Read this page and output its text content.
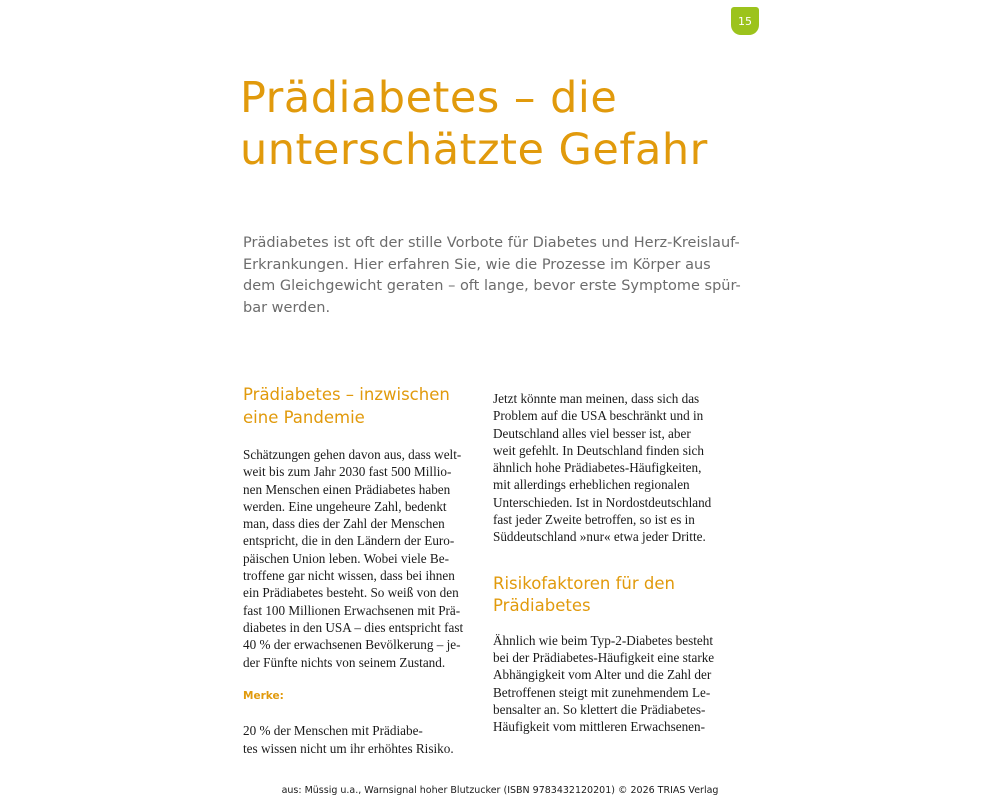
15
Prädiabetes – die
unterschätzte Gefahr
Prädiabetes ist oft der stille Vorbote für Diabetes und Herz-Kreislauf-
Erkrankungen. Hier erfahren Sie, wie die Prozesse im Körper aus
dem Gleichgewicht geraten – oft lange, bevor erste Symptome spür-
bar werden.
Prädiabetes – inzwischen
eine Pandemie
Schätzungen gehen davon aus, dass welt-
weit bis zum Jahr 2030 fast 500 Millio-
nen Menschen einen Prädiabetes haben
werden. Eine ungeheure Zahl, bedenkt
man, dass dies der Zahl der Menschen
entspricht, die in den Ländern der Euro-
päischen Union leben. Wobei viele Be-
troffene gar nicht wissen, dass bei ihnen
ein Prädiabetes besteht. So weiß von den
fast 100 Millionen Erwachsenen mit Prä-
diabetes in den USA – dies entspricht fast
40 % der erwachsenen Bevölkerung – je-
der Fünfte nichts von seinem Zustand.
Merke:

20 % der Menschen mit Prädiabe-
tes wissen nicht um ihr erhöhtes Risiko.
Jetzt könnte man meinen, dass sich das
Problem auf die USA beschränkt und in
Deutschland alles viel besser ist, aber
weit gefehlt. In Deutschland finden sich
ähnlich hohe Prädiabetes-Häufigkeiten,
mit allerdings erheblichen regionalen
Unterschieden. Ist in Nordostdeutschland
fast jeder Zweite betroffen, so ist es in
Süddeutschland »nur« etwa jeder Dritte.
Risikofaktoren für den
Prädiabetes
Ähnlich wie beim Typ-2-Diabetes besteht
bei der Prädiabetes-Häufigkeit eine starke
Abhängigkeit vom Alter und die Zahl der
Betroffenen steigt mit zunehmendem Le-
bensalter an. So klettert die Prädiabetes-
Häufigkeit vom mittleren Erwachsenen-
aus: Müssig u.a., Warnsignal hoher Blutzucker (ISBN 9783432120201) © 2026 TRIAS Verlag
